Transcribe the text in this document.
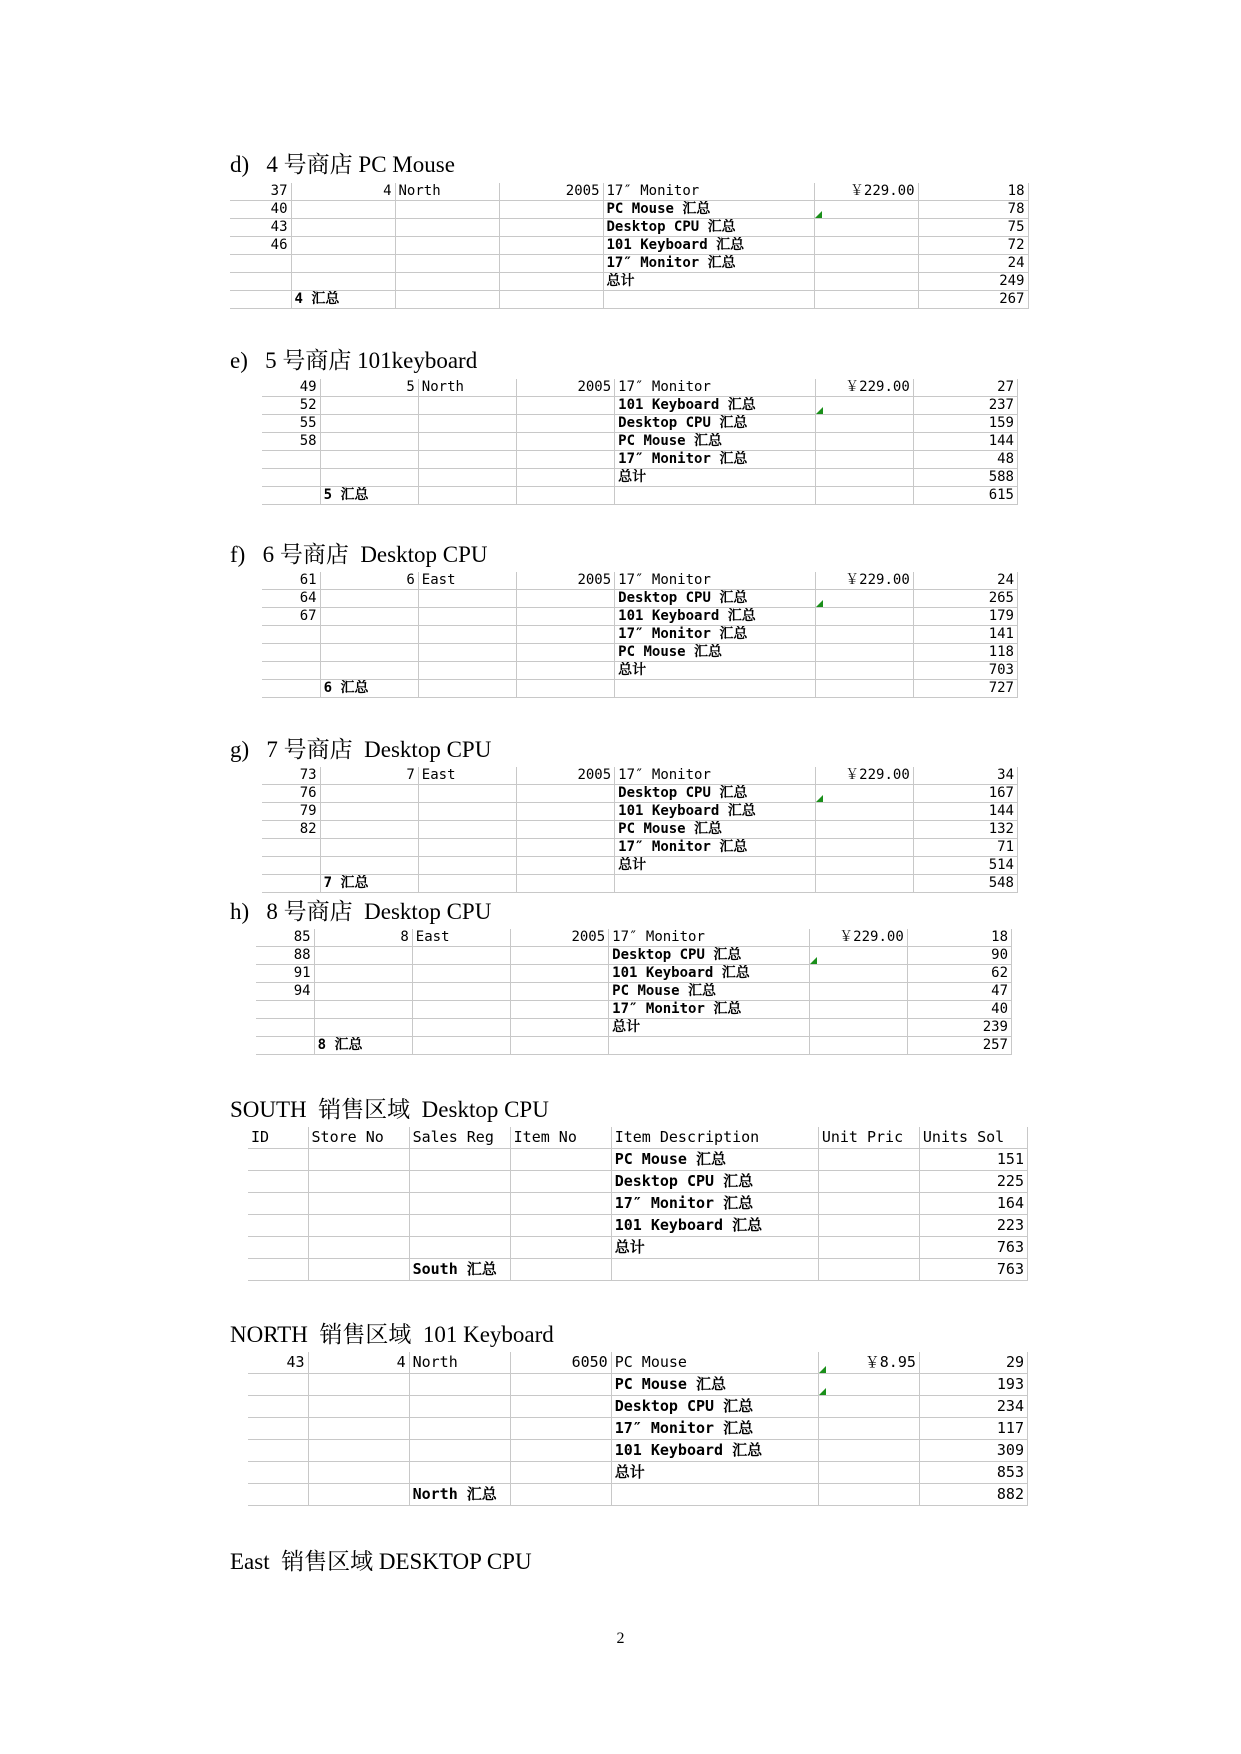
d)   4 号商店 PC Mouse
37	4	North	2005	17″ Monitor	￥229.00	18
40				PC Mouse 汇总		78
43				Desktop CPU 汇总		75
46				101 Keyboard 汇总		72
				17″ Monitor 汇总		24
				总计		249
	4 汇总					267
e)   5 号商店 101keyboard
49	5	North	2005	17″ Monitor	￥229.00	27
52				101 Keyboard 汇总		237
55				Desktop CPU 汇总		159
58				PC Mouse 汇总		144
				17″ Monitor 汇总		48
				总计		588
	5 汇总					615
f)   6 号商店  Desktop CPU
61	6	East	2005	17″ Monitor	￥229.00	24
64				Desktop CPU 汇总		265
67				101 Keyboard 汇总		179
				17″ Monitor 汇总		141
				PC Mouse 汇总		118
				总计		703
	6 汇总					727
g)   7 号商店  Desktop CPU
73	7	East	2005	17″ Monitor	￥229.00	34
76				Desktop CPU 汇总		167
79				101 Keyboard 汇总		144
82				PC Mouse 汇总		132
				17″ Monitor 汇总		71
				总计		514
	7 汇总					548
h)   8 号商店  Desktop CPU
85	8	East	2005	17″ Monitor	￥229.00	18
88				Desktop CPU 汇总		90
91				101 Keyboard 汇总		62
94				PC Mouse 汇总		47
				17″ Monitor 汇总		40
				总计		239
	8 汇总					257
SOUTH  销售区域  Desktop CPU
ID	Store No	Sales Reg	Item No	Item Description	Unit Pric	Units Sol
				PC Mouse 汇总		151
				Desktop CPU 汇总		225
				17″ Monitor 汇总		164
				101 Keyboard 汇总		223
				总计		763
		South 汇总				763
NORTH  销售区域  101 Keyboard
43	4	North	6050	PC Mouse	￥8.95	29
				PC Mouse 汇总		193
				Desktop CPU 汇总		234
				17″ Monitor 汇总		117
				101 Keyboard 汇总		309
				总计		853
		North 汇总				882
East  销售区域 DESKTOP CPU
2
